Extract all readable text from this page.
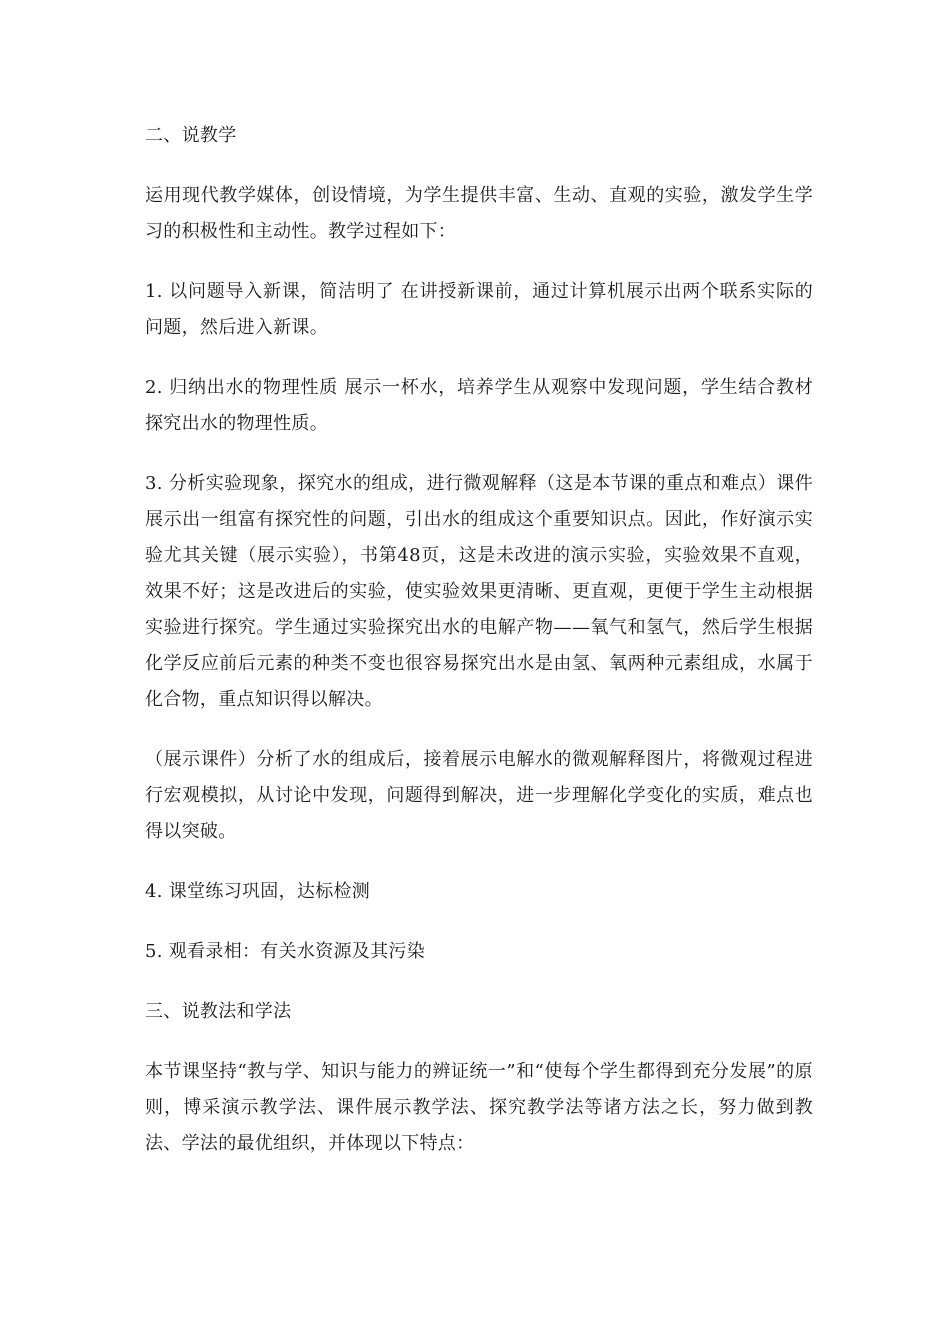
二、说教学

运用现代教学媒体，创设情境，为学生提供丰富、生动、直观的实验，激发学生学习的积极性和主动性。教学过程如下：

1. 以问题导入新课，简洁明了 在讲授新课前，通过计算机展示出两个联系实际的问题，然后进入新课。

2. 归纳出水的物理性质 展示一杯水，培养学生从观察中发现问题，学生结合教材探究出水的物理性质。

3. 分析实验现象，探究水的组成，进行微观解释（这是本节课的重点和难点）课件展示出一组富有探究性的问题，引出水的组成这个重要知识点。因此，作好演示实验尤其关键（展示实验），书第48页，这是未改进的演示实验，实验效果不直观，效果不好；这是改进后的实验，使实验效果更清晰、更直观，更便于学生主动根据实验进行探究。学生通过实验探究出水的电解产物——氧气和氢气，然后学生根据化学反应前后元素的种类不变也很容易探究出水是由氢、氧两种元素组成，水属于化合物，重点知识得以解决。

（展示课件）分析了水的组成后，接着展示电解水的微观解释图片，将微观过程进行宏观模拟，从讨论中发现，问题得到解决，进一步理解化学变化的实质，难点也得以突破。

4. 课堂练习巩固，达标检测

5. 观看录相：有关水资源及其污染

三、说教法和学法

本节课坚持“教与学、知识与能力的辨证统一”和“使每个学生都得到充分发展”的原则，博采演示教学法、课件展示教学法、探究教学法等诸方法之长，努力做到教法、学法的最优组织，并体现以下特点：
